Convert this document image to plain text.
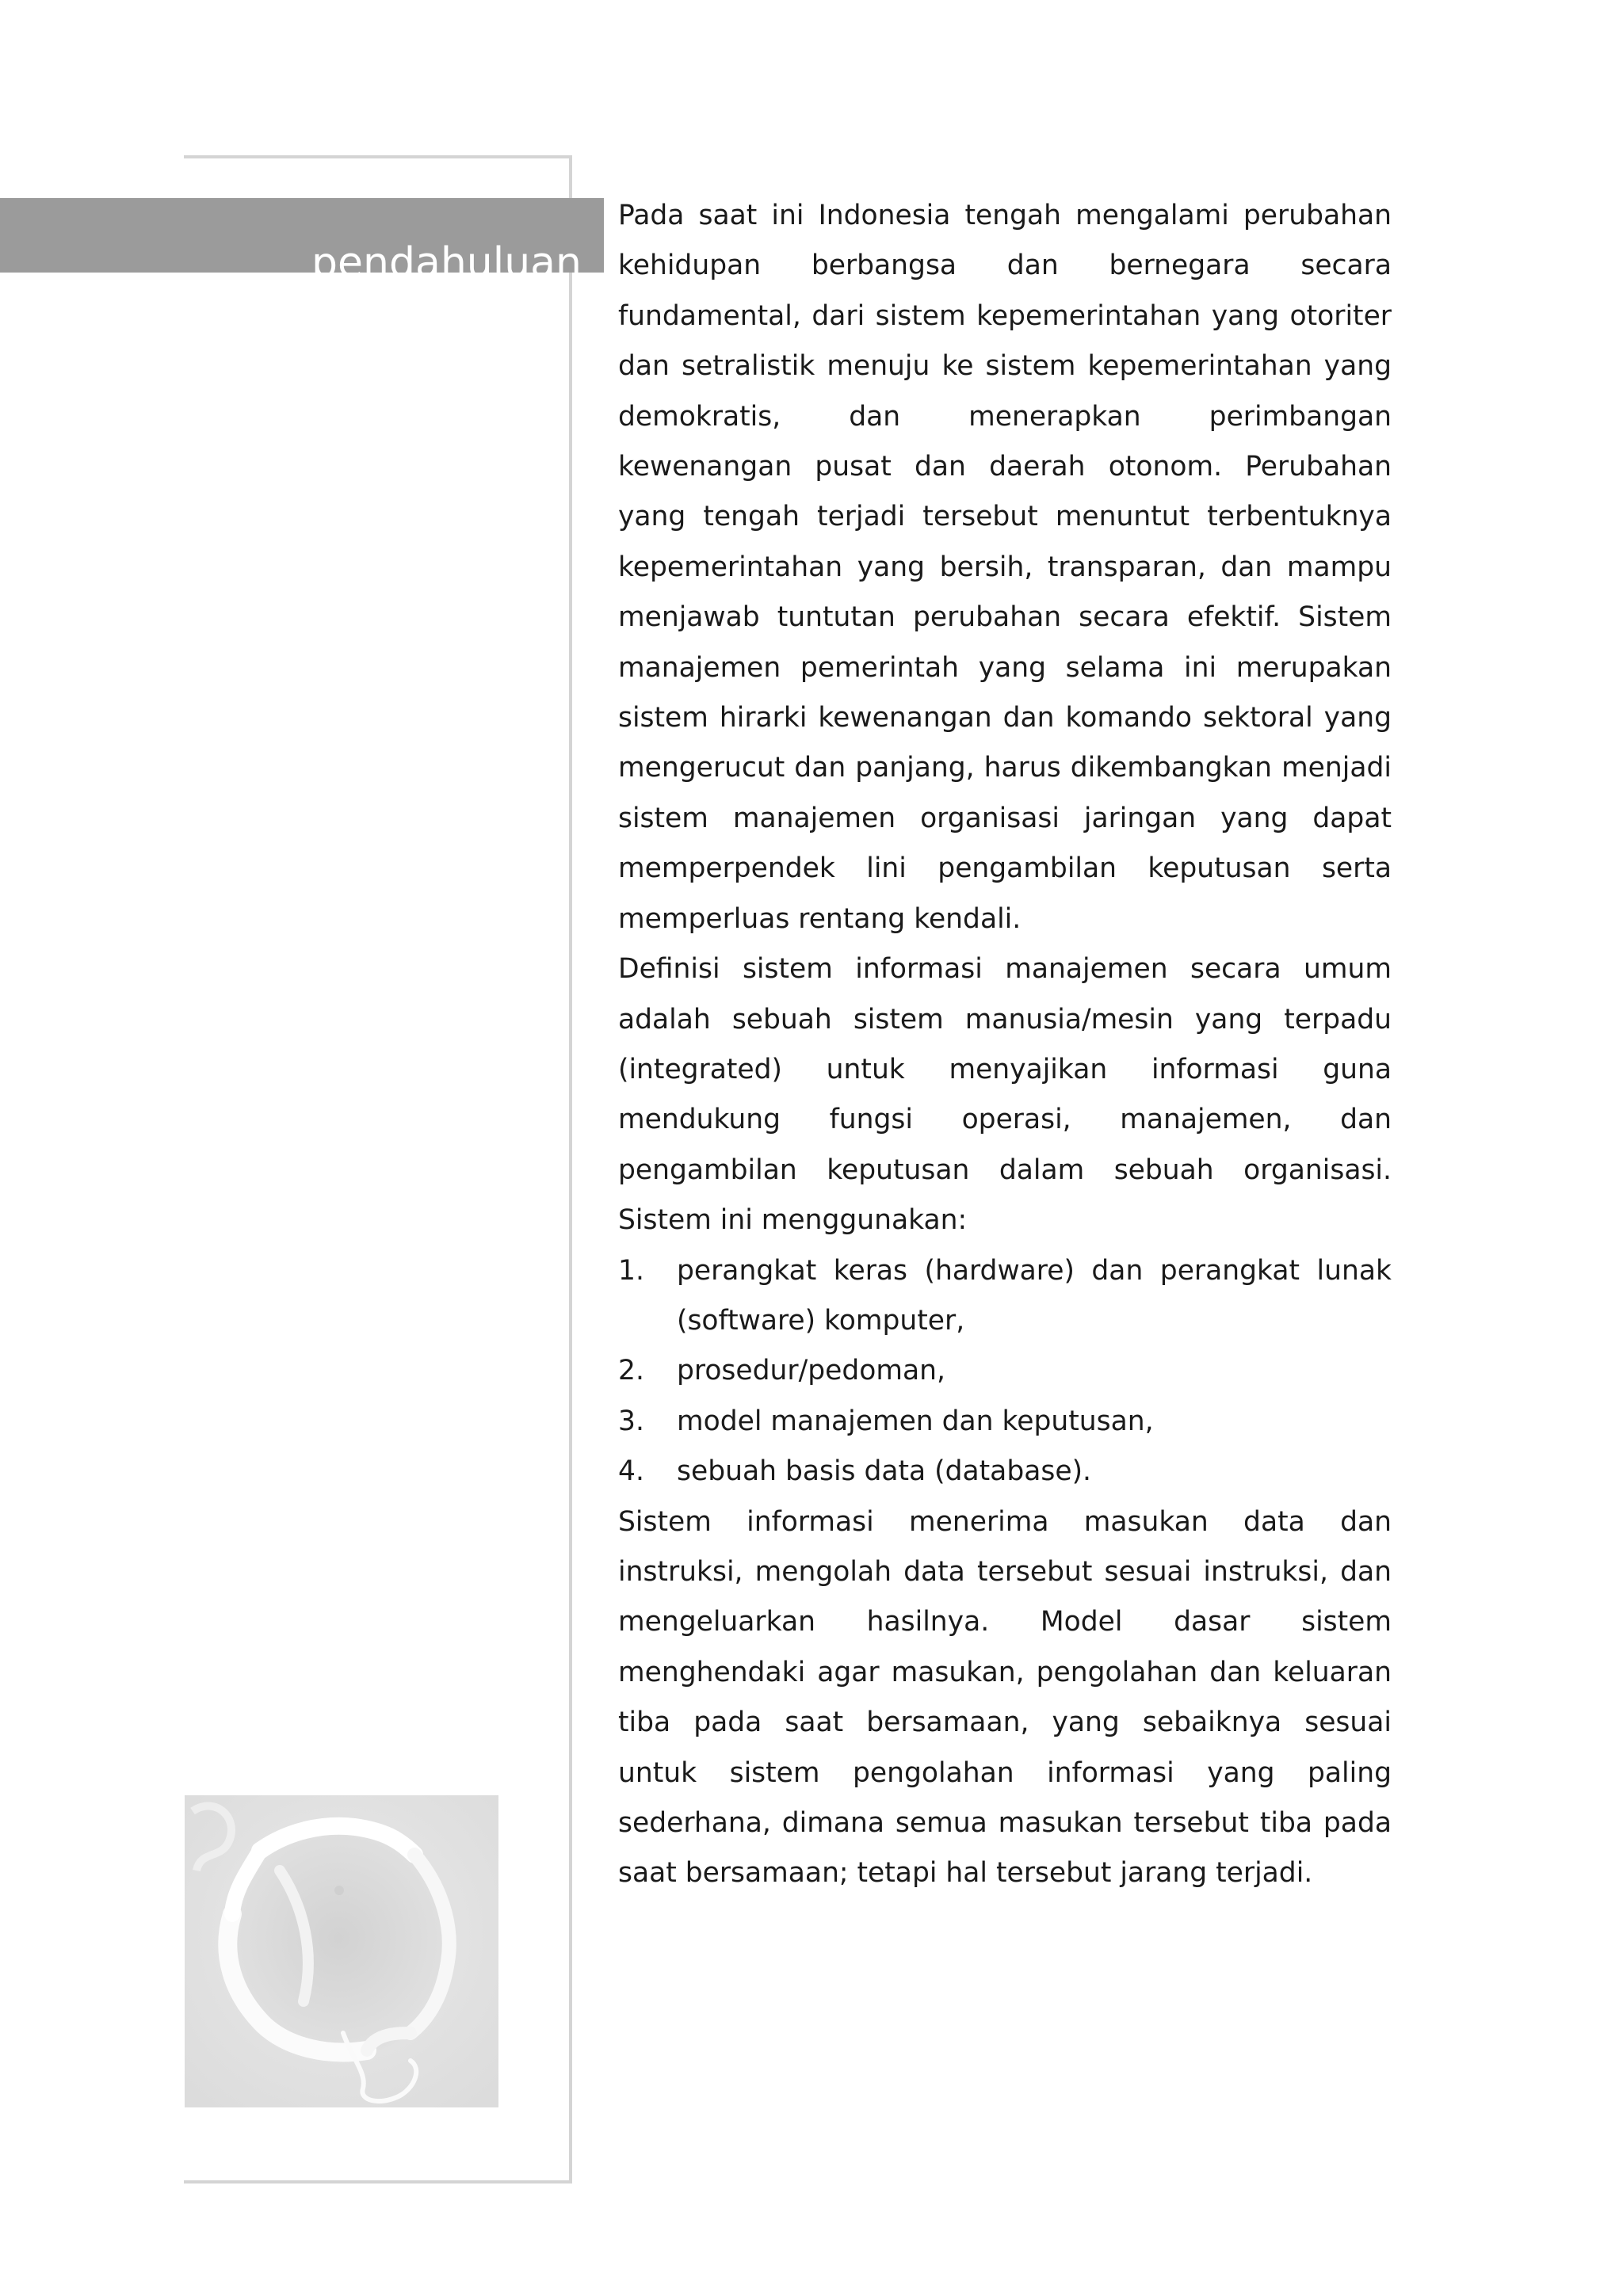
pendahuluan

Pada saat ini Indonesia tengah mengalami perubahan kehidupan berbangsa dan bernegara secara fundamental, dari sistem kepemerintahan yang otoriter dan setralistik menuju ke sistem kepemerintahan yang demokratis, dan menerapkan perimbangan kewenangan pusat dan daerah otonom. Perubahan yang tengah terjadi tersebut menuntut terbentuknya kepemerintahan yang bersih, transparan, dan mampu menjawab tuntutan perubahan secara efektif. Sistem manajemen pemerintah yang selama ini merupakan sistem hirarki kewenangan dan komando sektoral yang mengerucut dan panjang, harus dikembangkan menjadi sistem manajemen organisasi jaringan yang dapat memperpendek lini pengambilan keputusan serta memperluas rentang kendali.

Definisi sistem informasi manajemen secara umum adalah sebuah sistem manusia/mesin yang terpadu (integrated) untuk menyajikan informasi guna mendukung fungsi operasi, manajemen, dan pengambilan keputusan dalam sebuah organisasi. Sistem ini menggunakan:

1. perangkat keras (hardware) dan perangkat lunak (software) komputer,
2. prosedur/pedoman,
3. model manajemen dan keputusan,
4. sebuah basis data (database).

Sistem informasi menerima masukan data dan instruksi, mengolah data tersebut sesuai instruksi, dan mengeluarkan hasilnya. Model dasar sistem menghendaki agar masukan, pengolahan dan keluaran tiba pada saat bersamaan, yang sebaiknya sesuai untuk sistem pengolahan informasi yang paling sederhana, dimana semua masukan tersebut tiba pada saat bersamaan; tetapi hal tersebut jarang terjadi.
